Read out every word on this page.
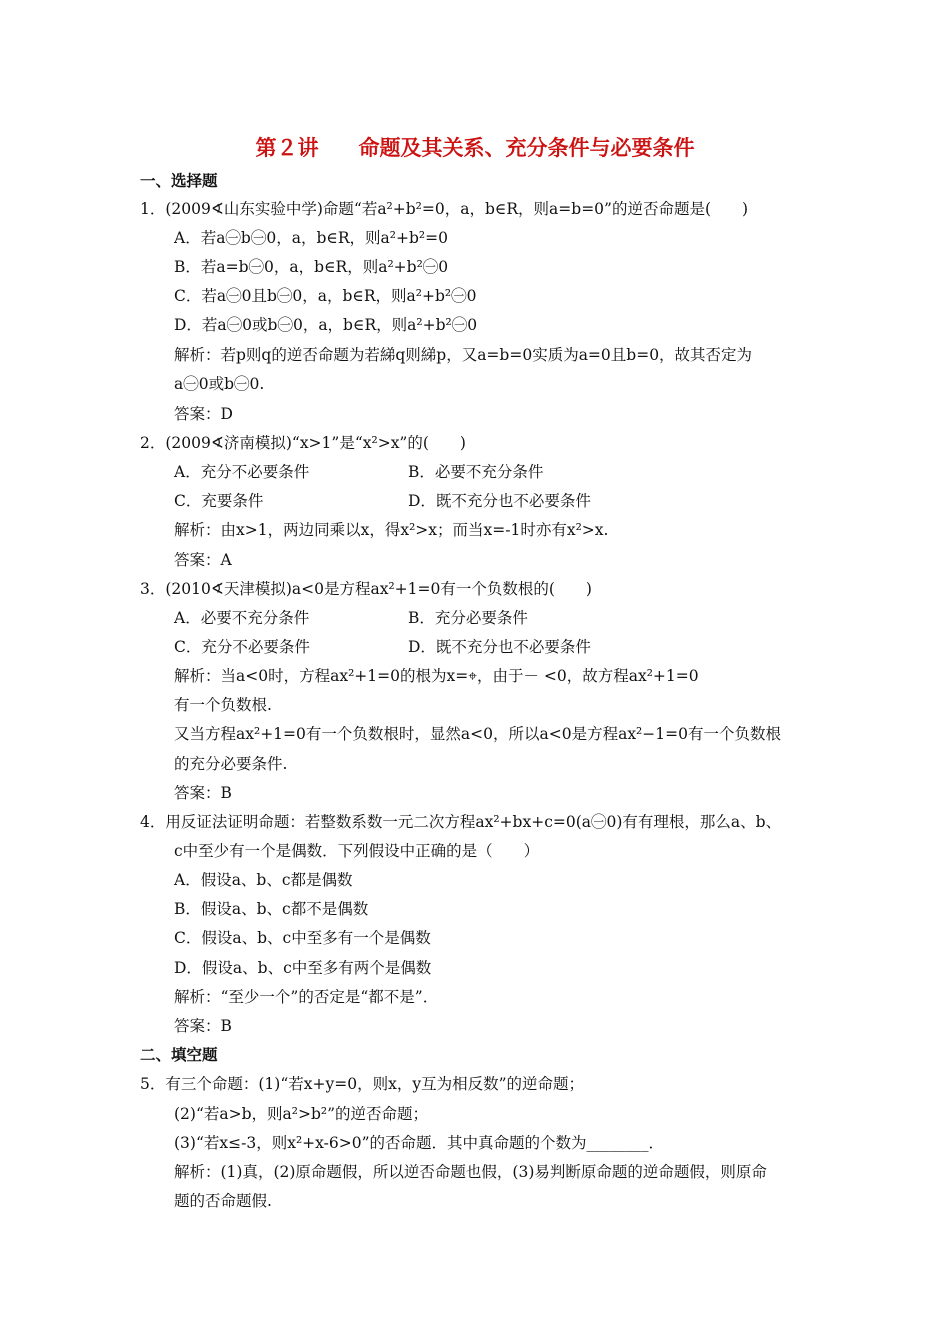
第２讲 命题及其关系、充分条件与必要条件
一、选择题
1．(2009∢山东实验中学)命题“若a²+b²=0，a，b∈R，则a=b=0”的逆否命题是(　　)
A．若a㊀b㊀0，a，b∈R，则a²+b²=0
B．若a=b㊀0，a，b∈R，则a²+b²㊀0
C．若a㊀0且b㊀0，a，b∈R，则a²+b²㊀0
D．若a㊀0或b㊀0，a，b∈R，则a²+b²㊀0
解析：若p则q的逆否命题为若綈q则綈p，又a=b=0实质为a=0且b=0，故其否定为
a㊀0或b㊀0.
答案：D
2．(2009∢济南模拟)“x>1”是“x²>x”的(　　)
A．充分不必要条件	B．必要不充分条件
C．充要条件	D．既不充分也不必要条件
解析：由x>1，两边同乘以x，得x²>x；而当x=-1时亦有x²>x.
答案：A
3．(2010∢天津模拟)a<0是方程ax²+1=0有一个负数根的(　　)
A．必要不充分条件	B．充分必要条件
C．充分不必要条件	D．既不充分也不必要条件
解析：当a<0时，方程ax²+1=0的根为x=⌖，由于－ <0，故方程ax²+1=0
有一个负数根.
又当方程ax²+1=0有一个负数根时，显然a<0，所以a<0是方程ax²−1=0有一个负数根
的充分必要条件.
答案：B
4．用反证法证明命题：若整数系数一元二次方程ax²+bx+c=0(a㊀0)有有理根，那么a、b、
c中至少有一个是偶数．下列假设中正确的是（　　）
A．假设a、b、c都是偶数
B．假设a、b、c都不是偶数
C．假设a、b、c中至多有一个是偶数
D．假设a、b、c中至多有两个是偶数
解析：“至少一个”的否定是“都不是”．
答案：B
二、填空题
5．有三个命题：(1)“若x+y=0，则x，y互为相反数”的逆命题；
(2)“若a>b，则a²>b²”的逆否命题；
(3)“若x≤-3，则x²+x-6>0”的否命题．其中真命题的个数为________．
解析：(1)真，(2)原命题假，所以逆否命题也假，(3)易判断原命题的逆命题假，则原命
题的否命题假.
